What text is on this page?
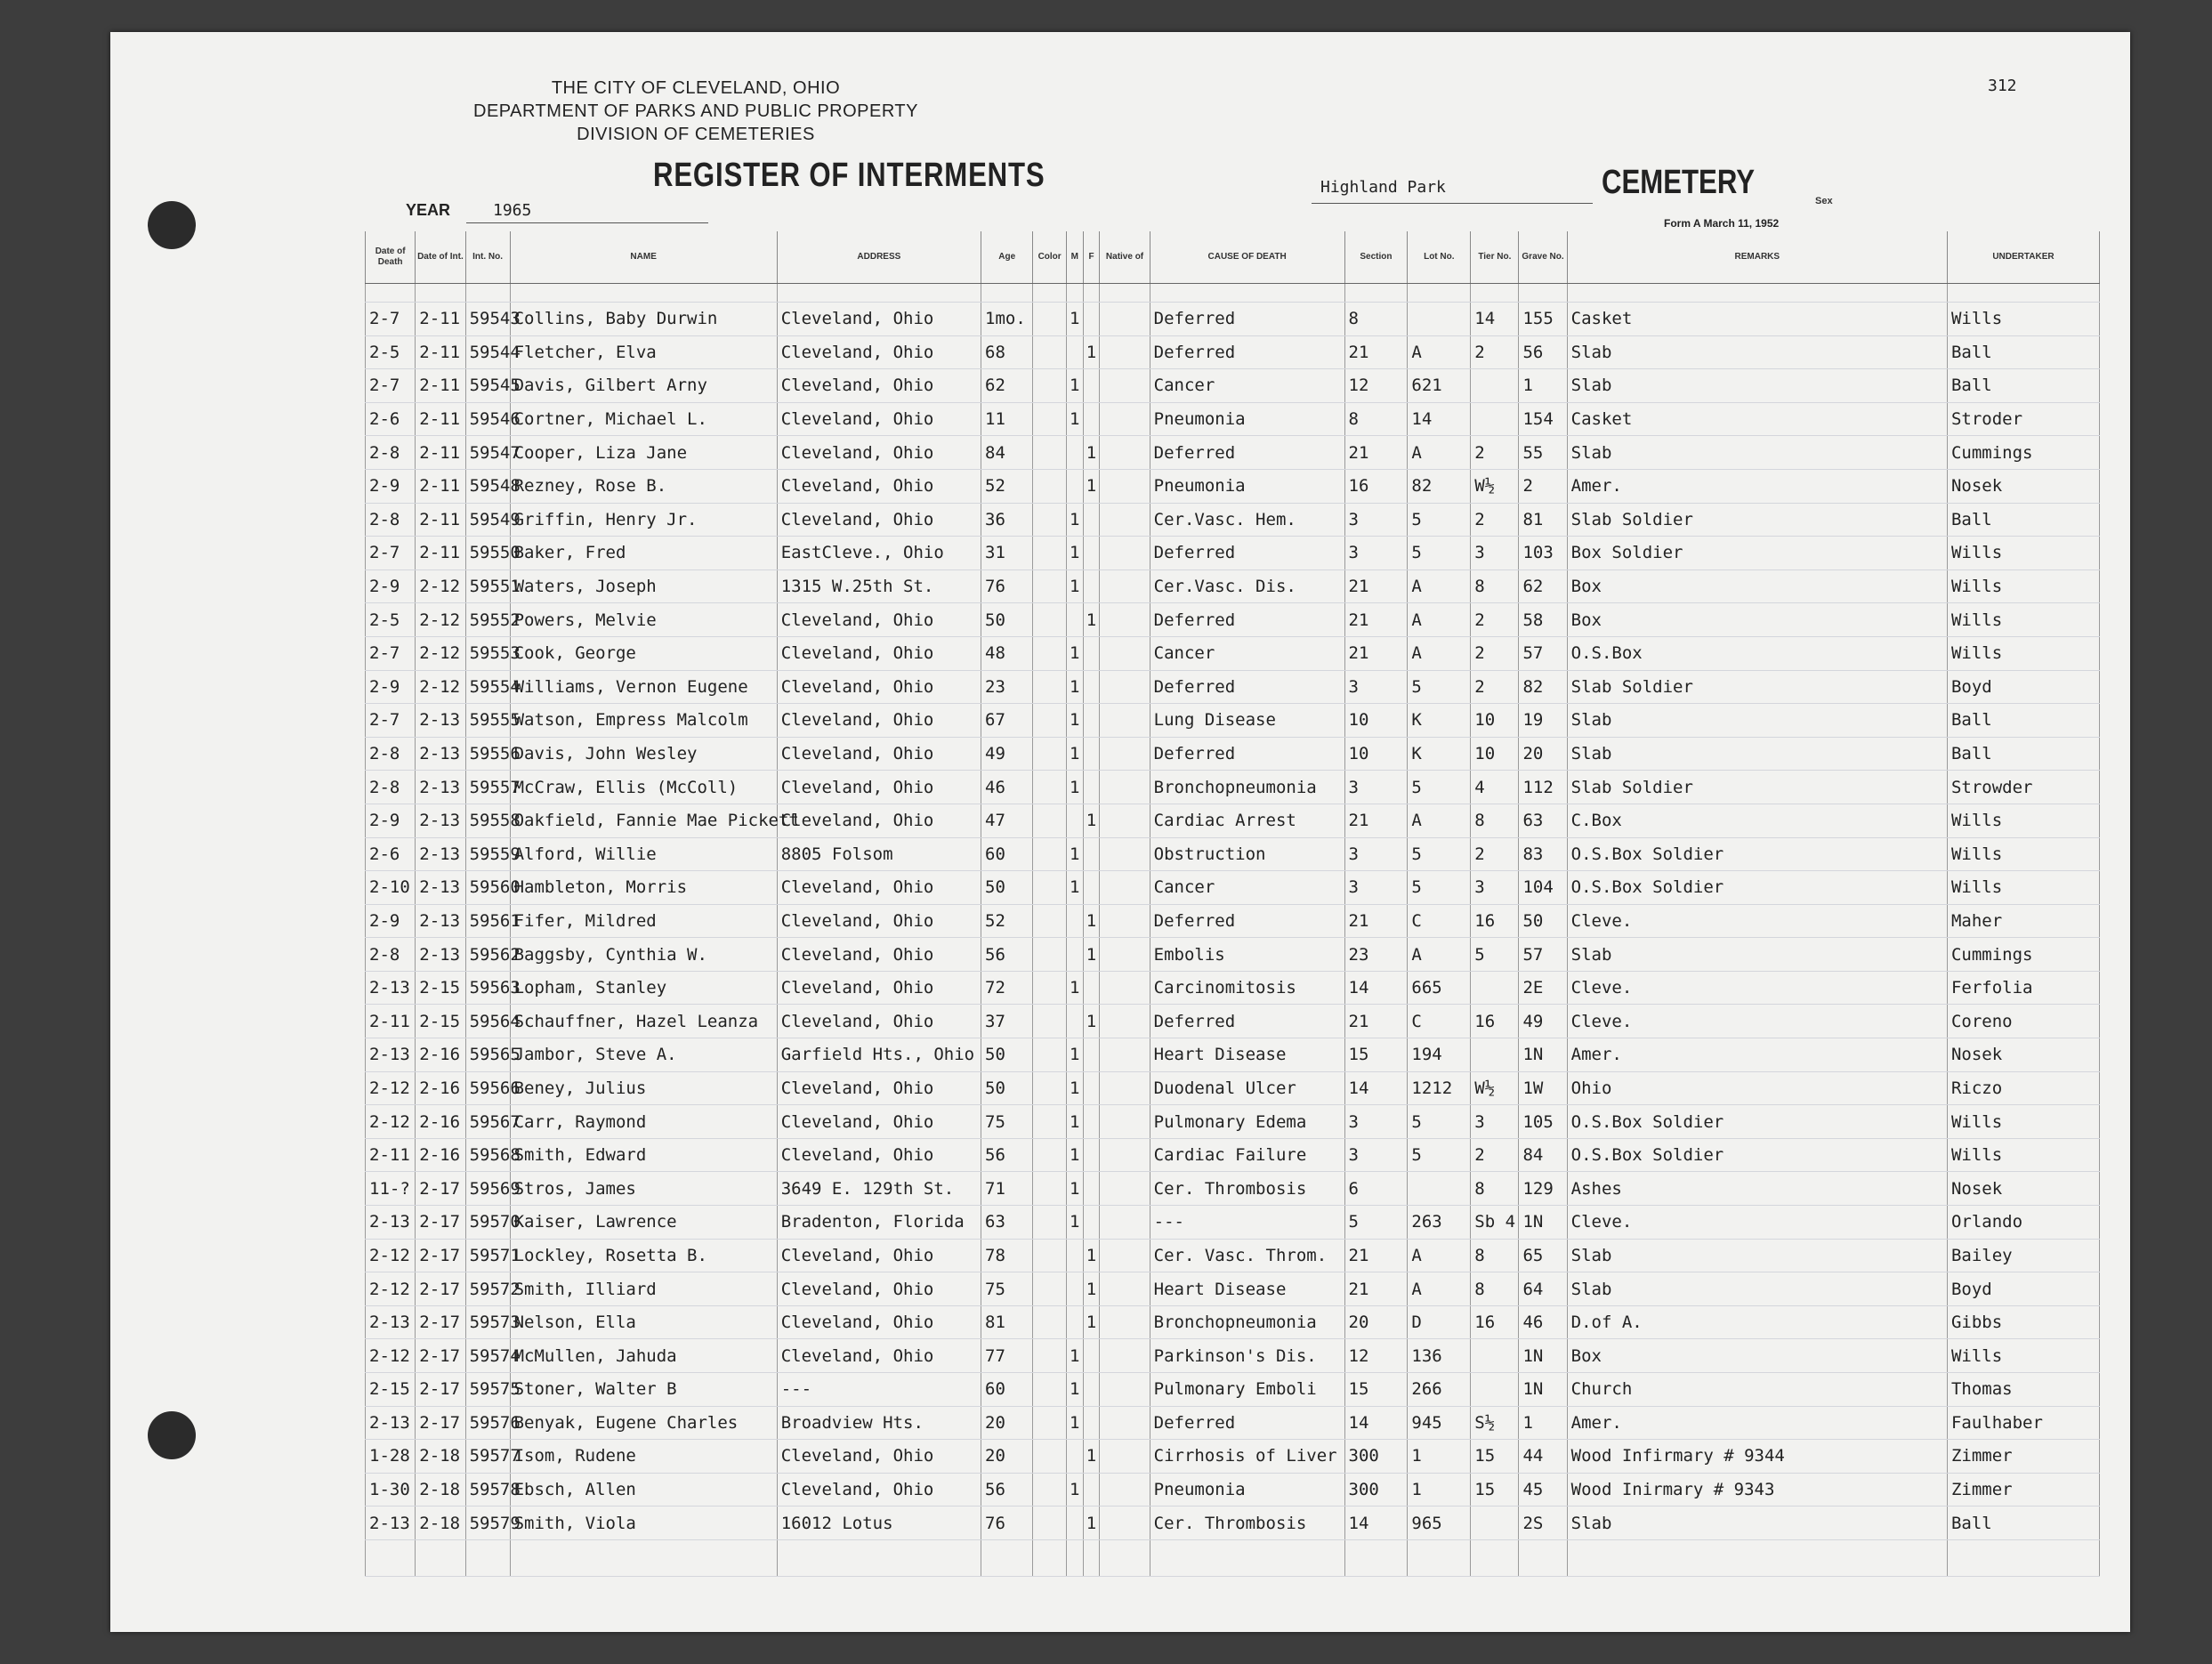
THE CITY OF CLEVELAND, OHIO
DEPARTMENT OF PARKS AND PUBLIC PROPERTY
DIVISION OF CEMETERIES
REGISTER OF INTERMENTS	Highland Park	CEMETERY
YEAR	1965
Form A March 11, 1952
312
Date of Death	Date of Int.	Int. No.	NAME	ADDRESS	Age	Color	M	F	Native of	CAUSE OF DEATH	Section	Lot No.	Tier No.	Grave No.	REMARKS	UNDERTAKER

2-7	2-11	59543	Collins, Baby Durwin	Cleveland, Ohio	1mo.		1			Deferred	8		14	155	Casket	Wills
2-5	2-11	59544	Fletcher, Elva	Cleveland, Ohio	68			1		Deferred	21	A	2	56	Slab	Ball
2-7	2-11	59545	Davis, Gilbert Arny	Cleveland, Ohio	62		1			Cancer	12	621		1	Slab	Ball
2-6	2-11	59546	Cortner, Michael L.	Cleveland, Ohio	11		1			Pneumonia	8	14		154	Casket	Stroder
2-8	2-11	59547	Cooper, Liza Jane	Cleveland, Ohio	84			1		Deferred	21	A	2	55	Slab	Cummings
2-9	2-11	59548	Rezney, Rose B.	Cleveland, Ohio	52			1		Pneumonia	16	82	W½	2	Amer.	Nosek
2-8	2-11	59549	Griffin, Henry Jr.	Cleveland, Ohio	36		1			Cer.Vasc. Hem.	3	5	2	81	Slab Soldier	Ball
2-7	2-11	59550	Baker, Fred	EastCleve., Ohio	31		1			Deferred	3	5	3	103	Box Soldier	Wills
2-9	2-12	59551	Waters, Joseph	1315 W.25th St.	76		1			Cer.Vasc. Dis.	21	A	8	62	Box	Wills
2-5	2-12	59552	Powers, Melvie	Cleveland, Ohio	50			1		Deferred	21	A	2	58	Box	Wills
2-7	2-12	59553	Cook, George	Cleveland, Ohio	48		1			Cancer	21	A	2	57	O.S.Box	Wills
2-9	2-12	59554	Williams, Vernon Eugene	Cleveland, Ohio	23		1			Deferred	3	5	2	82	Slab Soldier	Boyd
2-7	2-13	59555	Watson, Empress Malcolm	Cleveland, Ohio	67		1			Lung Disease	10	K	10	19	Slab	Ball
2-8	2-13	59556	Davis, John Wesley	Cleveland, Ohio	49		1			Deferred	10	K	10	20	Slab	Ball
2-8	2-13	59557	McCraw, Ellis (McColl)	Cleveland, Ohio	46		1			Bronchopneumonia	3	5	4	112	Slab Soldier	Strowder
2-9	2-13	59558	Oakfield, Fannie Mae Pickett	Cleveland, Ohio	47			1		Cardiac Arrest	21	A	8	63	C.Box	Wills
2-6	2-13	59559	Alford, Willie	8805 Folsom	60		1			Obstruction	3	5	2	83	O.S.Box Soldier	Wills
2-10	2-13	59560	Hambleton, Morris	Cleveland, Ohio	50		1			Cancer	3	5	3	104	O.S.Box Soldier	Wills
2-9	2-13	59561	Fifer, Mildred	Cleveland, Ohio	52			1		Deferred	21	C	16	50	Cleve.	Maher
2-8	2-13	59562	Baggsby, Cynthia W.	Cleveland, Ohio	56			1		Embolis	23	A	5	57	Slab	Cummings
2-13	2-15	59563	Lopham, Stanley	Cleveland, Ohio	72		1			Carcinomitosis	14	665		2E	Cleve.	Ferfolia
2-11	2-15	59564	Schauffner, Hazel Leanza	Cleveland, Ohio	37			1		Deferred	21	C	16	49	Cleve.	Coreno
2-13	2-16	59565	Jambor, Steve A.	Garfield Hts., Ohio	50		1			Heart Disease	15	194		1N	Amer.	Nosek
2-12	2-16	59566	Beney, Julius	Cleveland, Ohio	50		1			Duodenal Ulcer	14	1212	W½	1W	Ohio	Riczo
2-12	2-16	59567	Carr, Raymond	Cleveland, Ohio	75		1			Pulmonary Edema	3	5	3	105	O.S.Box Soldier	Wills
2-11	2-16	59568	Smith, Edward	Cleveland, Ohio	56		1			Cardiac Failure	3	5	2	84	O.S.Box Soldier	Wills
11-?	2-17	59569	Stros, James	3649 E. 129th St.	71		1			Cer. Thrombosis	6		8	129	Ashes	Nosek
2-13	2-17	59570	Kaiser, Lawrence	Bradenton, Florida	63		1			---	5	263	Sb 4	1N	Cleve.	Orlando
2-12	2-17	59571	Lockley, Rosetta B.	Cleveland, Ohio	78			1		Cer. Vasc. Throm.	21	A	8	65	Slab	Bailey
2-12	2-17	59572	Smith, Illiard	Cleveland, Ohio	75			1		Heart Disease	21	A	8	64	Slab	Boyd
2-13	2-17	59573	Nelson, Ella	Cleveland, Ohio	81			1		Bronchopneumonia	20	D	16	46	D.of A.	Gibbs
2-12	2-17	59574	McMullen, Jahuda	Cleveland, Ohio	77		1			Parkinson's Dis.	12	136		1N	Box	Wills
2-15	2-17	59575	Stoner, Walter B	---	60		1			Pulmonary Emboli	15	266		1N	Church	Thomas
2-13	2-17	59576	Benyak, Eugene Charles	Broadview Hts.	20		1			Deferred	14	945	S½	1	Amer.	Faulhaber
1-28	2-18	59577	Isom, Rudene	Cleveland, Ohio	20			1		Cirrhosis of Liver	300	1	15	44	Wood Infirmary # 9344	Zimmer
1-30	2-18	59578	Ebsch, Allen	Cleveland, Ohio	56		1			Pneumonia	300	1	15	45	Wood Inirmary # 9343	Zimmer
2-13	2-18	59579	Smith, Viola	16012 Lotus	76			1		Cer. Thrombosis	14	965		2S	Slab	Ball

Sex
